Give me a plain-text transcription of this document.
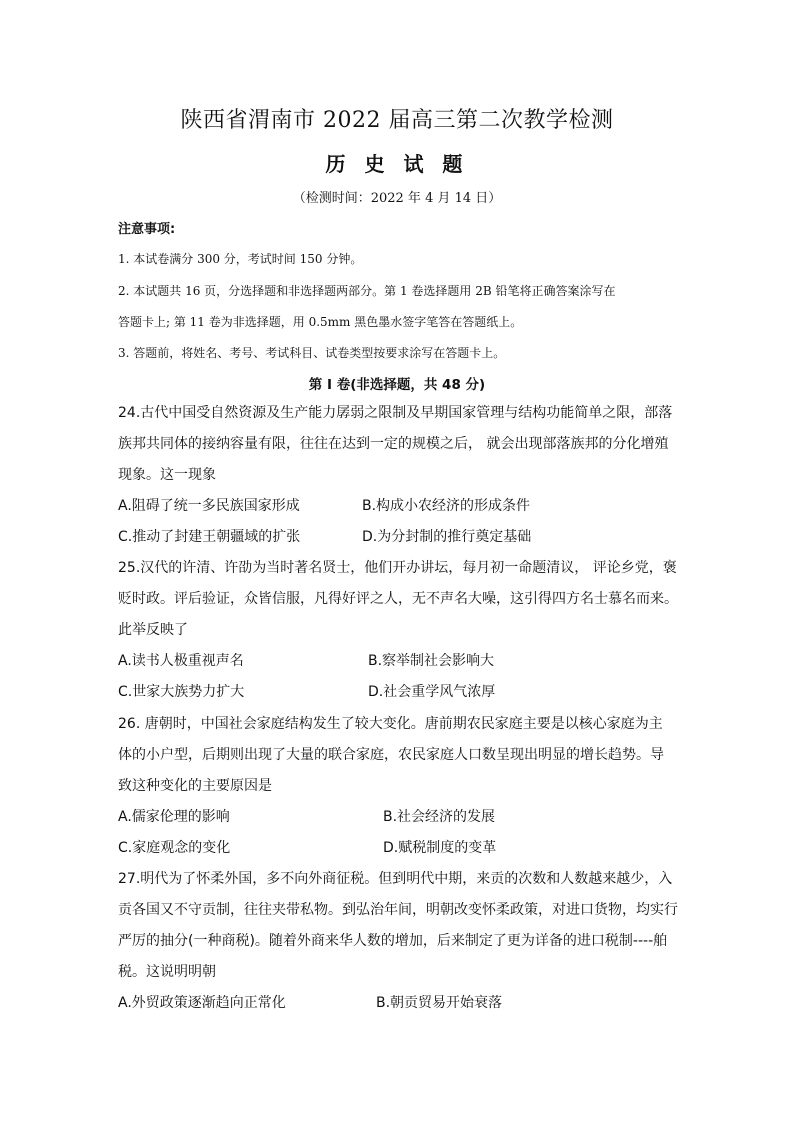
陕西省渭南市 2022 届高三第二次教学检测
历 史 试 题
（检测时间：2022 年 4 月 14 日）
注意事项:
1. 本试卷满分 300 分，考试时间 150 分钟。
2. 本试题共 16 页，分选择题和非选择题两部分。第 1 卷选择题用 2B 铅笔将正确答案涂写在
答题卡上; 第 11 卷为非选择题，用 0.5mm 黑色墨水签字笔答在答题纸上。
3. 答题前，将姓名、考号、考试科目、试卷类型按要求涂写在答题卡上。
第 I 卷(非选择题，共 48 分)

24.古代中国受自然资源及生产能力孱弱之限制及早期国家管理与结构功能简单之限，部落

族邦共同体的接纳容量有限，往往在达到一定的规模之后， 就会出现部落族邦的分化增殖

现象。这一现象

A.阻碍了统一多民族国家形成	B.构成小农经济的形成条件
C.推动了封建王朝疆域的扩张	D.为分封制的推行奠定基础

25.汉代的许清、许劭为当时著名贤士，他们开办讲坛，每月初一命题清议， 评论乡党，褒

贬时政。评后验证，众皆信服，凡得好评之人，无不声名大噪，这引得四方名士慕名而来。

此举反映了

A.读书人极重视声名	B.察举制社会影响大
C.世家大族势力扩大	D.社会重学风气浓厚

26. 唐朝时，中国社会家庭结构发生了较大变化。唐前期农民家庭主要是以核心家庭为主

体的小户型，后期则出现了大量的联合家庭，农民家庭人口数呈现出明显的增长趋势。导

致这种变化的主要原因是

A.儒家伦理的影响	B.社会经济的发展
C.家庭观念的变化	D.赋税制度的变革

27.明代为了怀柔外国，多不向外商征税。但到明代中期，来贡的次数和人数越来越少，入

贡各国又不守贡制，往往夹带私物。到弘治年间，明朝改变怀柔政策，对进口货物，均实行

严厉的抽分(一种商税)。随着外商来华人数的增加，后来制定了更为详备的进口税制----舶

税。这说明明朝

A.外贸政策逐渐趋向正常化	B.朝贡贸易开始衰落
